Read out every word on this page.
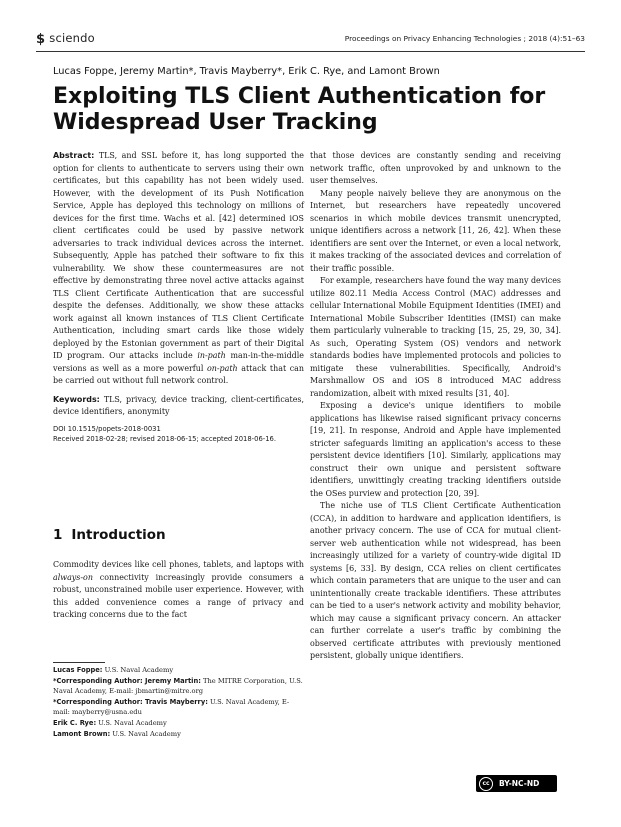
$ sciendo	Proceedings on Privacy Enhancing Technologies ; 2018 (4):51–63
Lucas Foppe, Jeremy Martin*, Travis Mayberry*, Erik C. Rye, and Lamont Brown
Exploiting TLS Client Authentication for
Widespread User Tracking

Abstract: TLS, and SSL before it, has long supported the option for clients to authenticate to servers using their own certificates, but this capability has not been widely used. However, with the development of its Push Notification Service, Apple has deployed this technology on millions of devices for the first time. Wachs et al. [42] determined iOS client certificates could be used by passive network adversaries to track individual devices across the internet. Subsequently, Apple has patched their software to fix this vulnerability. We show these countermeasures are not effective by demonstrating three novel active attacks against TLS Client Certificate Authentication that are successful despite the defenses. Additionally, we show these attacks work against all known instances of TLS Client Certificate Authentication, including smart cards like those widely deployed by the Estonian government as part of their Digital ID program. Our attacks include in-path man-in-the-middle versions as well as a more powerful on-path attack that can be carried out without full network control.

Keywords: TLS, privacy, device tracking, client-certificates, device identifiers, anonymity

DOI 10.1515/popets-2018-0031

Received 2018-02-28; revised 2018-06-15; accepted 2018-06-16.

1 Introduction

Commodity devices like cell phones, tablets, and laptops with always-on connectivity increasingly provide consumers a robust, unconstrained mobile user experience. However, with this added convenience comes a range of privacy and tracking concerns due to the fact

Lucas Foppe: U.S. Naval Academy
*Corresponding Author: Jeremy Martin: The MITRE Corporation, U.S. Naval Academy, E-mail: jbmartin@mitre.org
*Corresponding Author: Travis Mayberry: U.S. Naval Academy, E-mail: mayberry@usna.edu
Erik C. Rye: U.S. Naval Academy
Lamont Brown: U.S. Naval Academy

that those devices are constantly sending and receiving network traffic, often unprovoked by and unknown to the user themselves.

Many people naively believe they are anonymous on the Internet, but researchers have repeatedly uncovered scenarios in which mobile devices transmit unencrypted, unique identifiers across a network [11, 26, 42]. When these identifiers are sent over the Internet, or even a local network, it makes tracking of the associated devices and correlation of their traffic possible.

For example, researchers have found the way many devices utilize 802.11 Media Access Control (MAC) addresses and cellular International Mobile Equipment Identities (IMEI) and International Mobile Subscriber Identities (IMSI) can make them particularly vulnerable to tracking [15, 25, 29, 30, 34]. As such, Operating System (OS) vendors and network standards bodies have implemented protocols and policies to mitigate these vulnerabilities. Specifically, Android's Marshmallow OS and iOS 8 introduced MAC address randomization, albeit with mixed results [31, 40].

Exposing a device's unique identifiers to mobile applications has likewise raised significant privacy concerns [19, 21]. In response, Android and Apple have implemented stricter safeguards limiting an application's access to these persistent device identifiers [10]. Similarly, applications may construct their own unique and persistent software identifiers, unwittingly creating tracking identifiers outside the OSes purview and protection [20, 39].

The niche use of TLS Client Certificate Authentication (CCA), in addition to hardware and application identifiers, is another privacy concern. The use of CCA for mutual client-server web authentication while not widespread, has been increasingly utilized for a variety of country-wide digital ID systems [6, 33]. By design, CCA relies on client certificates which contain parameters that are unique to the user and can unintentionally create trackable identifiers. These attributes can be tied to a user's network activity and mobility behavior, which may cause a significant privacy concern. An attacker can further correlate a user's traffic by combining the observed certificate attributes with previously mentioned persistent, globally unique identifiers.

cc	BY-NC-ND
